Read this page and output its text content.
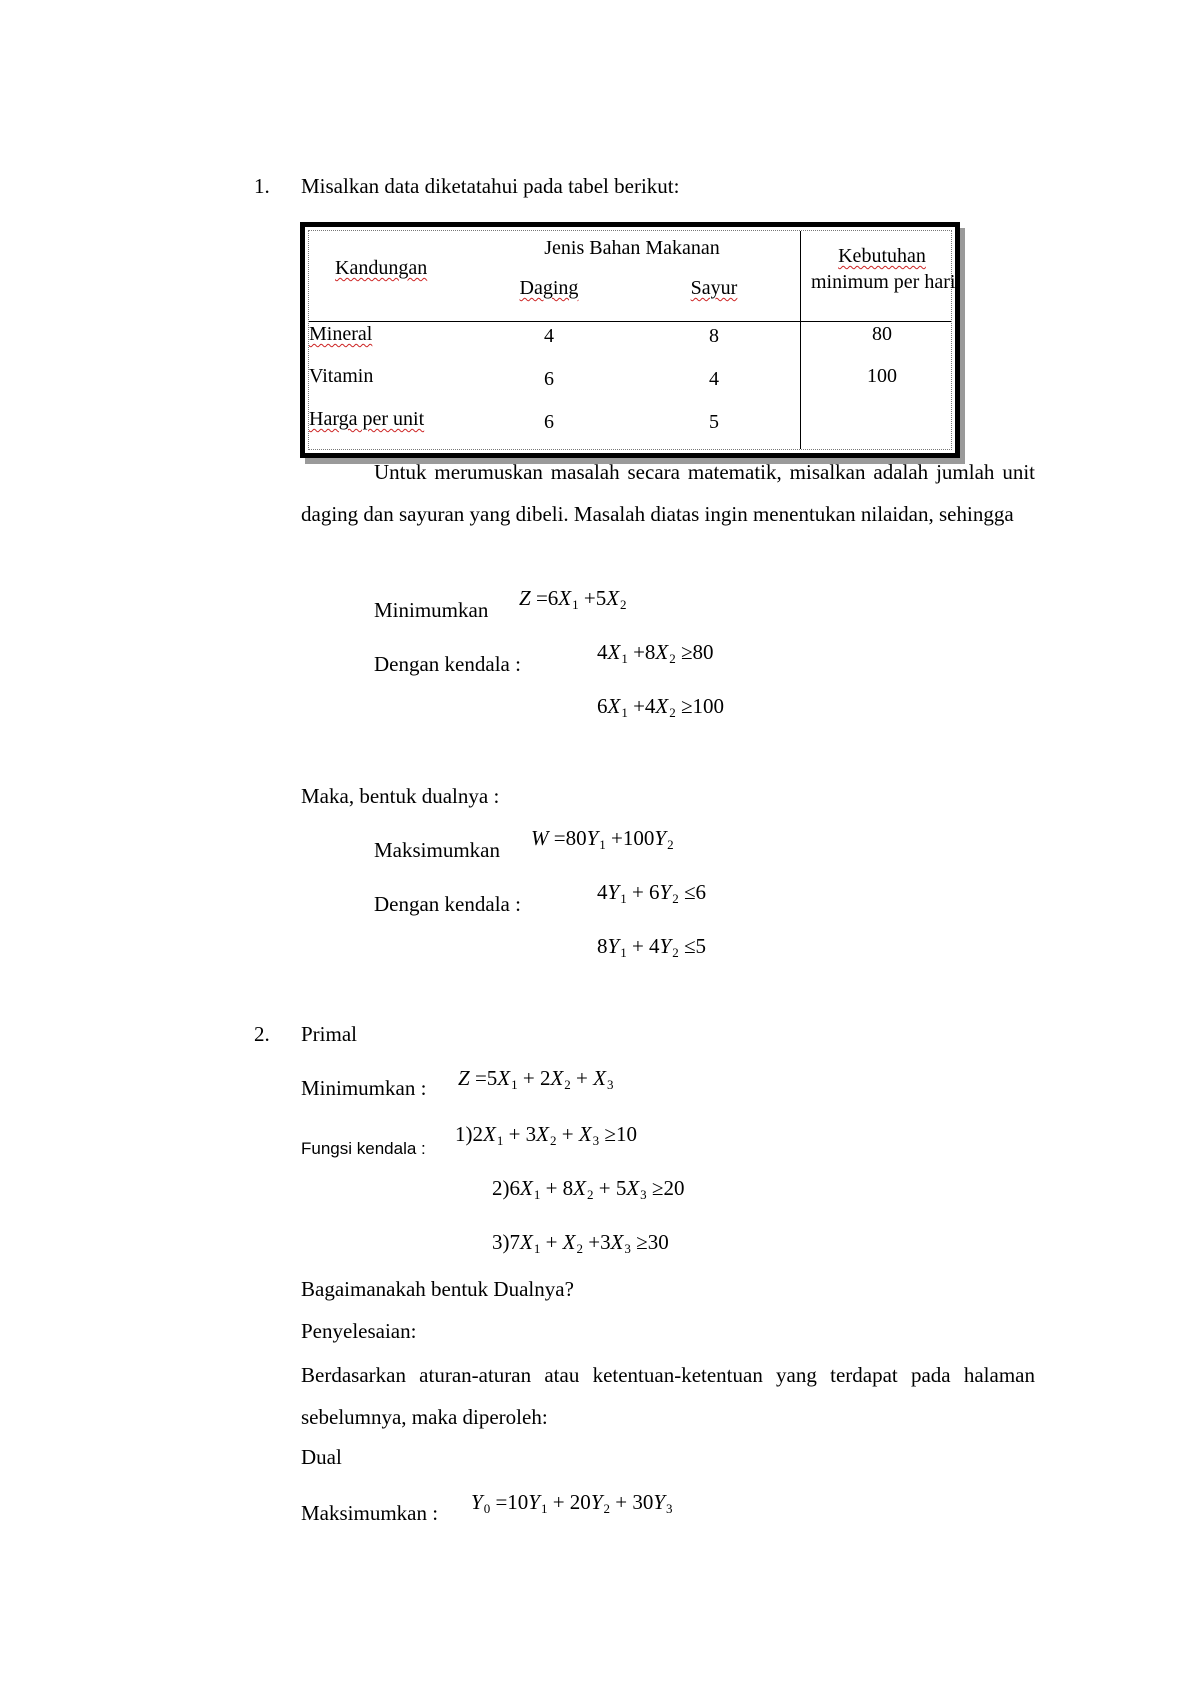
1. Misalkan data diketatahui pada tabel berikut:
Kandungan
Jenis Bahan Makanan
Daging	Sayur
Kebutuhan
minimum per hari
Mineral	4	8	80
Vitamin	6	4	100
Harga per unit	6	5
Untuk merumuskan masalah secara matematik, misalkan adalah jumlah unit daging dan sayuran yang dibeli. Masalah diatas ingin menentukan nilaidan, sehingga
Minimumkan $Z =6X_1 +5X_2$
Dengan kendala :	$4X_1 +8X_2 \ge 80$
$6X_1 +4X_2 \ge 100$
Maka, bentuk dualnya :
Maksimumkan $W =80Y_1 +100Y_2$
Dengan kendala :	$4Y_1 + 6Y_2 \le 6$
$8Y_1 + 4Y_2 \le 5$
2. Primal
Minimumkan : $Z =5X_1 + 2X_2 + X_3$
Fungsi kendala :
$1)2X_1 + 3X_2 + X_3 \ge 10$
$2)6X_1 + 8X_2 + 5X_3 \ge 20$
$3)7X_1 + X_2 +3X_3 \ge 30$
Bagaimanakah bentuk Dualnya?
Penyelesaian:
Berdasarkan aturan-aturan atau ketentuan-ketentuan yang terdapat pada halaman sebelumnya, maka diperoleh:
Dual
Maksimumkan : $Y_0 =10Y_1 + 20Y_2 + 30Y_3$
